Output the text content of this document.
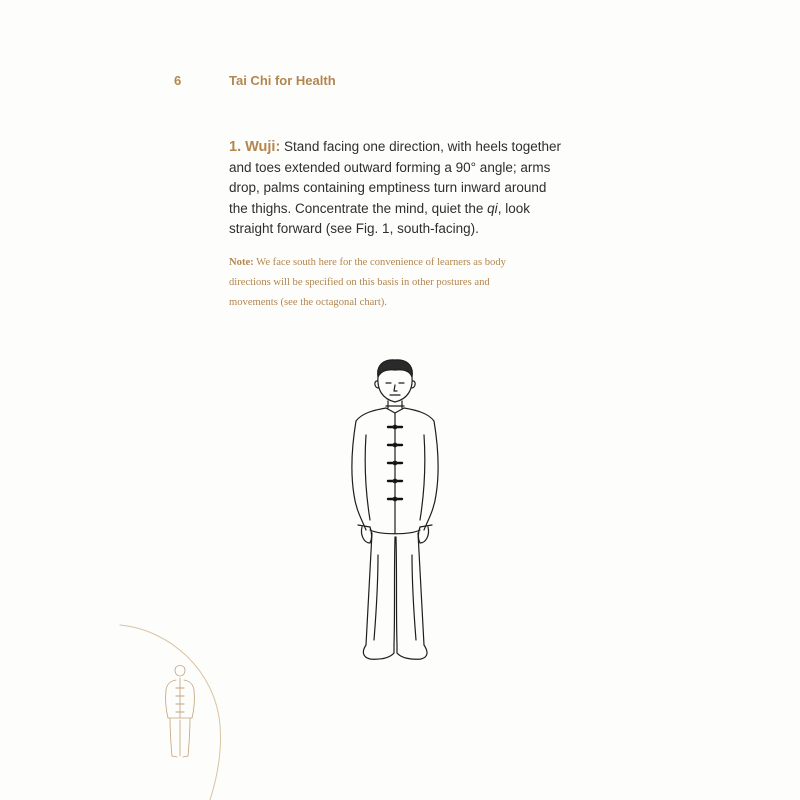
6	Tai Chi for Health

1. Wuji: Stand facing one direction, with heels together and toes extended outward forming a 90° angle; arms drop, palms containing emptiness turn inward around the thighs. Concentrate the mind, quiet the qi, look straight forward (see Fig. 1, south-facing).

Note: We face south here for the convenience of learners as body directions will be specified on this basis in other postures and movements (see the octagonal chart).
